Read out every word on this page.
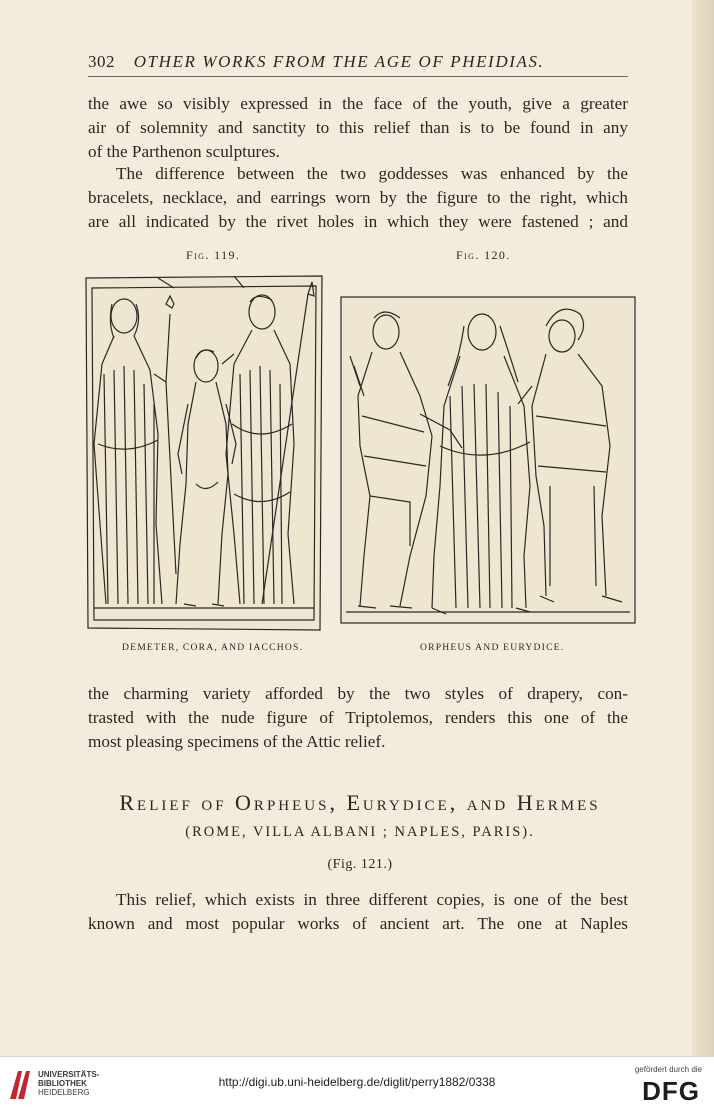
302 OTHER WORKS FROM THE AGE OF PHEIDIAS.
the awe so visibly expressed in the face of the youth, give a greater
air of solemnity and sanctity to this relief than is to be found in any
of the Parthenon sculptures.
The difference between the two goddesses was enhanced by the
bracelets, necklace, and earrings worn by the figure to the right, which
are all indicated by the rivet holes in which they were fastened ; and
Fig. 119.	Fig. 120.
DEMETER, CORA, AND IACCHOS.	ORPHEUS AND EURYDICE.
the charming variety afforded by the two styles of drapery, con-
trasted with the nude figure of Triptolemos, renders this one of the
most pleasing specimens of the Attic relief.
Relief of Orpheus, Eurydice, and Hermes
(ROME, VILLA ALBANI ; NAPLES, PARIS).
(Fig. 121.)
This relief, which exists in three different copies, is one of the best
known and most popular works of ancient art. The one at Naples
UNIVERSITÄTS-
BIBLIOTHEK
HEIDELBERG
http://digi.ub.uni-heidelberg.de/diglit/perry1882/0338
gefördert durch die
DFG
